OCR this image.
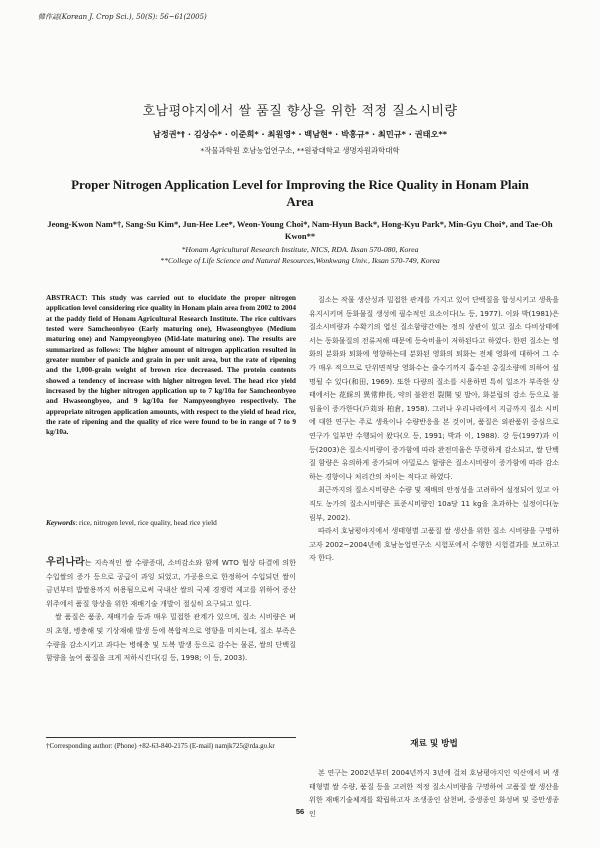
韓作誌(Korean J. Crop Sci.), 50(S): 56~61(2005)
호남평야지에서 쌀 품질 향상을 위한 적정 질소시비량
남정권*† · 김상수* · 이준희* · 최원영* · 백남현* · 박홍규* · 최민규* · 권태오**
*작물과학원 호남농업연구소, **원광대학교 생명자원과학대학
Proper Nitrogen Application Level for Improving the Rice Quality in Honam Plain Area
Jeong-Kwon Nam*†, Sang-Su Kim*, Jun-Hee Lee*, Weon-Young Choi*, Nam-Hyun Back*, Hong-Kyu Park*, Min-Gyu Choi*, and Tae-Oh Kwon**
*Honam Agricultural Research Institute, NICS, RDA. Iksan 570-080, Korea
**College of Life Science and Natural Resources,Wonkwang Univ., Iksan 570-749, Korea
ABSTRACT: This study was carried out to elucidate the proper nitrogen application level considering rice quality in Honam plain area from 2002 to 2004 at the paddy field of Honam Agricultural Research Institute. The rice cultivars tested were Samcheonbyeo (Early maturing one), Hwaseongbyeo (Medium maturing one) and Nampyeongbyeo (Mid-late maturing one). The results are summarized as follows: The higher amount of nitrogen application resulted in greater number of panicle and grain in per unit area, but the rate of ripening and the 1,000-grain weight of brown rice decreased. The protein contents showed a tendency of increase with higher nitrogen level. The head rice yield increased by the higher nitrogen application up to 7 kg/10a for Samcheonbyeo and Hwaseongbyeo, and 9 kg/10a for Nampyeongbyeo respectively. The appropriate nitrogen application amounts, with respect to the yield of head rice, the rate of ripening and the quality of rice were found to be in range of 7 to 9 kg/10a.
Keywords: rice, nitrogen level, rice quality, head rice yield

우리나라는 지속적인 쌀 수량증대, 소비감소와 함께 WTO 협상 타결에 의한 수입쌀의 증가 등으로 공급이 과잉 되었고, 가공용으로 한정하여 수입되던 쌀이 금년부터 밥쌀용까지 허용됨으로써 국내산 쌀의 국제 경쟁력 제고를 위하여 증산위주에서 품질 향상을 위한 재배기술 개발이 절실히 요구되고 있다.

쌀 품질은 품종, 재배기술 등과 매우 밀접한 관계가 있으며, 질소 시비량은 벼의 초형, 병충해 및 기상재해 발생 등에 복합적으로 영향을 미치는데, 질소 부족은 수량을 감소시키고 과다는 병해충 및 도복 발생 등으로 감수는 물론, 쌀의 단백질 함량을 높여 품질을 크게 저하시킨다(김 등, 1998; 이 등, 2003).

†Corresponding author: (Phone) +82-63-840-2175 (E-mail) namjk725@rda.go.kr

질소는 작물 생산성과 밀접한 관계를 가지고 있어 단백질을 합성시키고 생육을 유지시키며 동화물질 생성에 필수적인 요소이다(노 등, 1977). 이와 박(1981)은 질소시비량과 수확기의 엽신 질소함량간에는 정의 상관이 있고 질소 다비상태에서는 동화물질의 전류저해 때문에 등숙비율이 저하된다고 하였다. 한편 질소는 영화의 분화와 퇴화에 영향하는데 분화된 영화의 퇴화는 전체 영화에 대하여 그 수가 매우 적으므로 단위면적당 영화수는 출수기까지 흡수된 총질소량에 의하여 설명될 수 있다(和田, 1969). 또한 다량의 질소를 시용하면 특히 일조가 부족한 상태에서는 花綵의 異常伸長, 약의 불완전 裂開 및 발아, 화분립의 감소 등으로 불임율이 증가한다(戶苅와 柏倉, 1958). 그러나 우리나라에서 지금까지 질소 시비에 대한 연구는 주로 생육이나 수량반응을 본 것이며, 품질은 외관품위 중심으로 연구가 일부만 수행되어 왔다(오 등, 1991; 박과 이, 1988). 강 등(1997)과 이 등(2003)은 질소시비량이 증가함에 따라 완전미율은 뚜렷하게 감소되고, 쌀 단백질 함량은 유의하게 증가되며 아밀로스 함량은 질소시비량이 증가함에 따라 감소하는 경향이나 처리간의 차이는 적다고 하였다.

최근까지의 질소시비량은 수량 및 재배의 안정성을 고려하여 설정되어 있고 아직도 농가의 질소시비량은 표준시비량인 10a당 11 kg을 초과하는 실정이다(농림부, 2002).

따라서 호남평야지에서 생태형별 고품질 쌀 생산을 위한 질소 시비량을 구명하고자 2002~2004년에 호남농업연구소 시험포에서 수행한 시험결과를 보고하고자 한다.

재료 및 방법

본 연구는 2002년부터 2004년까지 3년에 걸쳐 호남평야지인 익산에서 벼 생태형별 쌀 수량, 품질 등을 고려한 적정 질소시비량을 구명하여 고품질 쌀 생산을 위한 재배기술체계를 확립하고자 조생종인 삼천벼, 중생종인 화성벼 및 중만생종인

56
